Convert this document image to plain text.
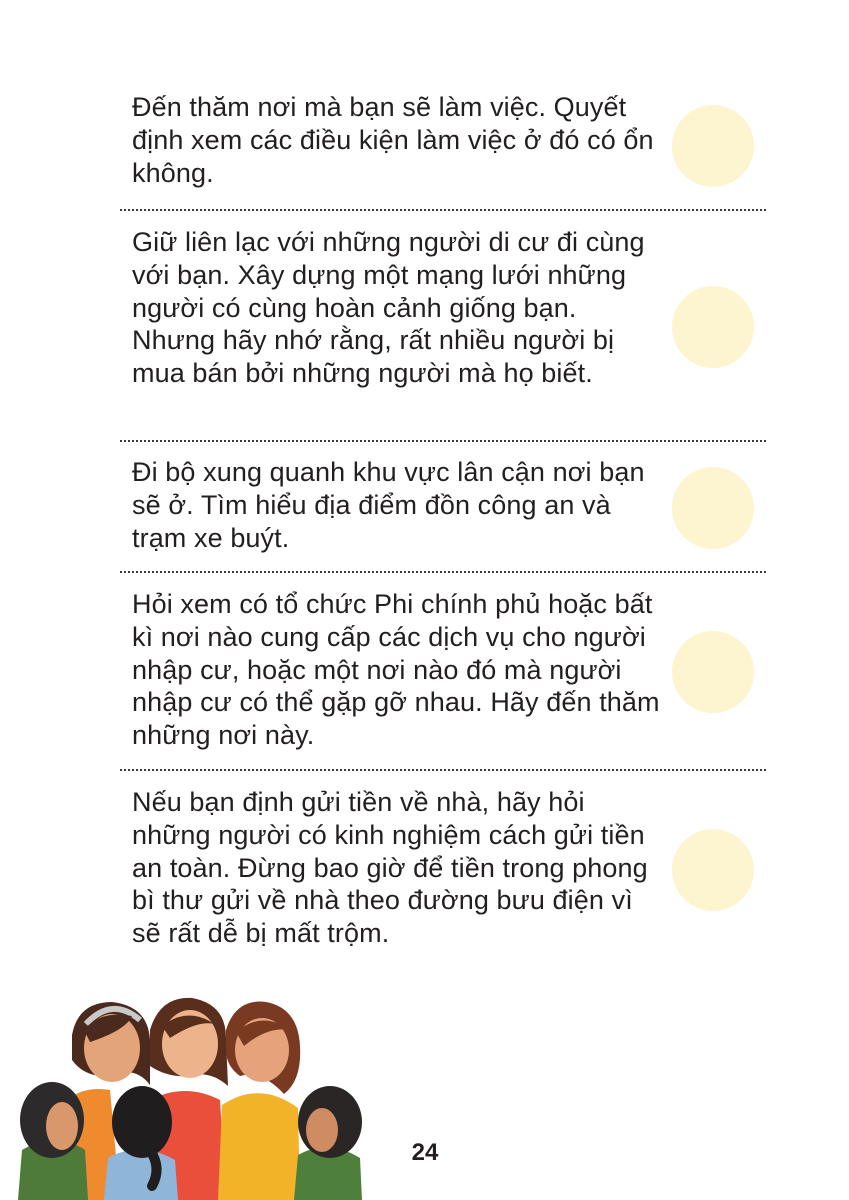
Đến thăm nơi mà bạn sẽ làm việc. Quyết định xem các điều kiện làm việc ở đó có ổn không.

Giữ liên lạc với những người di cư đi cùng với bạn. Xây dựng một mạng lưới những người có cùng hoàn cảnh giống bạn. Nhưng hãy nhớ rằng, rất nhiều người bị mua bán bởi những người mà họ biết.

Đi bộ xung quanh khu vực lân cận nơi bạn sẽ ở. Tìm hiểu địa điểm đồn công an và trạm xe buýt.

Hỏi xem có tổ chức Phi chính phủ hoặc bất kì nơi nào cung cấp các dịch vụ cho người nhập cư, hoặc một nơi nào đó mà người nhập cư có thể gặp gỡ nhau. Hãy đến thăm những nơi này.

Nếu bạn định gửi tiền về nhà, hãy hỏi những người có kinh nghiệm cách gửi tiền an toàn. Đừng bao giờ để tiền trong phong bì thư gửi về nhà theo đường bưu điện vì sẽ rất dễ bị mất trộm.

24
